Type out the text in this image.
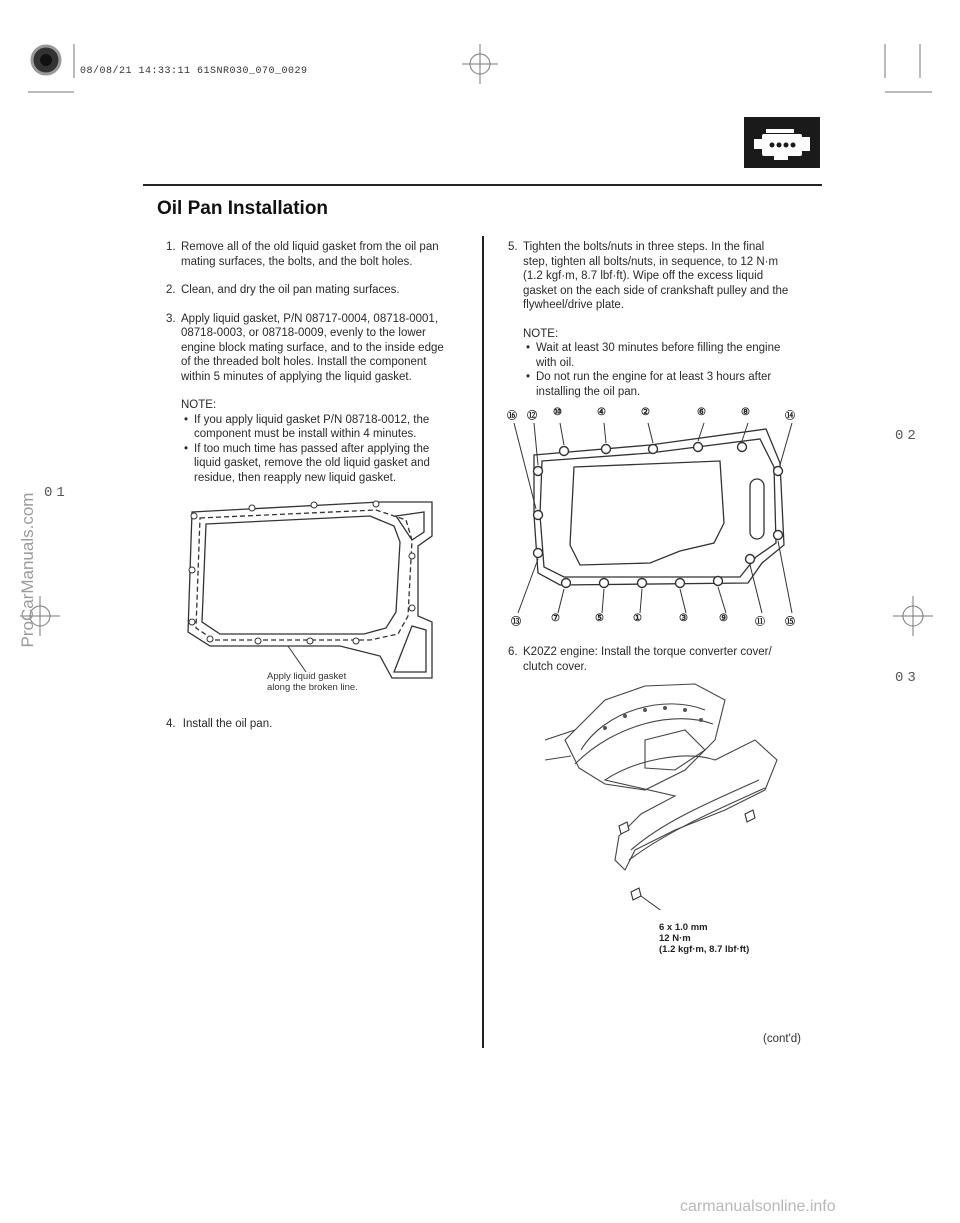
08/08/21 14:33:11 61SNR030_070_0029
Oil Pan Installation
1. Remove all of the old liquid gasket from the oil pan
mating surfaces, the bolts, and the bolt holes.
2. Clean, and dry the oil pan mating surfaces.
3. Apply liquid gasket, P/N 08717-0004, 08718-0001,
08718-0003, or 08718-0009, evenly to the lower
engine block mating surface, and to the inside edge
of the threaded bolt holes. Install the component
within 5 minutes of applying the liquid gasket.
NOTE:
• If you apply liquid gasket P/N 08718-0012, the
component must be install within 4 minutes.
• If too much time has passed after applying the
liquid gasket, remove the old liquid gasket and
residue, then reapply new liquid gasket.
Apply liquid gasket
along the broken line.
4. Install the oil pan.
5. Tighten the bolts/nuts in three steps. In the final
step, tighten all bolts/nuts, in sequence, to 12 N·m
(1.2 kgf·m, 8.7 lbf·ft). Wipe off the excess liquid
gasket on the each side of crankshaft pulley and the
flywheel/drive plate.
NOTE:
• Wait at least 30 minutes before filling the engine
with oil.
• Do not run the engine for at least 3 hours after
installing the oil pan.
⑯ ⑫ ⑩	④	②	⑥	⑧	⑭
⑬	⑦	⑤	①	③	⑨	⑪ ⑮
6. K20Z2 engine: Install the torque converter cover/
clutch cover.
6 x 1.0 mm
12 N·m
(1.2 kgf·m, 8.7 lbf·ft)
(cont'd)
02
01
03
ProCarManuals.com
carmanualsonline.info
